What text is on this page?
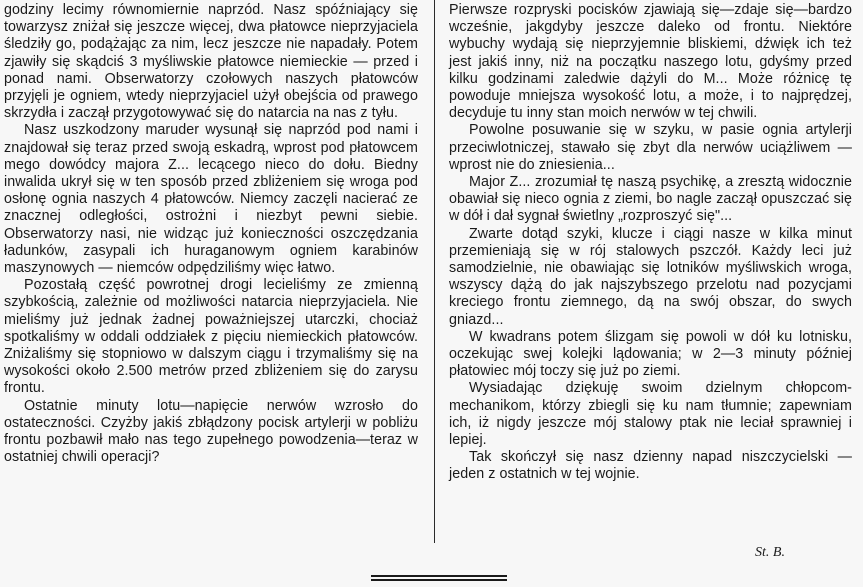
godziny lecimy równomiernie naprzód. Nasz spóźniający się towarzysz zniżał się jeszcze więcej, dwa płatowce nieprzyjaciela śledziły go, podążając za nim, lecz jeszcze nie napadały. Potem zjawiły się skądciś 3 myśliwskie płatowce niemieckie — przed i ponad nami. Obserwatorzy czołowych naszych płatowców przyjęli je ogniem, wtedy nieprzyjaciel użył obejścia od prawego skrzydła i zaczął przygotowywać się do natarcia na nas z tyłu.

Nasz uszkodzony maruder wysunął się naprzód pod nami i znajdował się teraz przed swoją eskadrą, wprost pod płatowcem mego dowódcy majora Z... lecącego nieco do dołu. Biedny inwalida ukrył się w ten sposób przed zbliżeniem się wroga pod osłonę ognia naszych 4 płatowców. Niemcy zaczęli nacierać ze znacznej odległości, ostrożni i niezbyt pewni siebie. Obserwatorzy nasi, nie widząc już konieczności oszczędzania ładunków, zasypali ich huraganowym ogniem karabinów maszynowych — niemców odpędziliśmy więc łatwo.

Pozostałą część powrotnej drogi lecieliśmy ze zmienną szybkością, zależnie od możliwości natarcia nieprzyjaciela. Nie mieliśmy już jednak żadnej poważniejszej utarczki, chociaż spotkaliśmy w oddali oddziałek z pięciu niemieckich płatowców. Zniżaliśmy się stopniowo w dalszym ciągu i trzymaliśmy się na wysokości około 2.500 metrów przed zbliżeniem się do zarysu frontu.

Ostatnie minuty lotu—napięcie nerwów wzrosło do ostateczności. Czyżby jakiś zbłądzony pocisk artylerji w pobliżu frontu pozbawił mało nas tego zupełnego powodzenia—teraz w ostatniej chwili operacji?

Pierwsze rozpryski pocisków zjawiają się—zdaje się—bardzo wcześnie, jakgdyby jeszcze daleko od frontu. Niektóre wybuchy wydają się nieprzyjemnie bliskiemi, dźwięk ich też jest jakiś inny, niż na początku naszego lotu, gdyśmy przed kilku godzinami zaledwie dążyli do M... Może różnicę tę powoduje mniejsza wysokość lotu, a może, i to najprędzej, decyduje tu inny stan moich nerwów w tej chwili.

Powolne posuwanie się w szyku, w pasie ognia artylerji przeciwlotniczej, stawało się zbyt dla nerwów uciążliwem — wprost nie do zniesienia...

Major Z... zrozumiał tę naszą psychikę, a zresztą widocznie obawiał się nieco ognia z ziemi, bo nagle zaczął opuszczać się w dół i dał sygnał świetlny „rozproszyć się"...

Zwarte dotąd szyki, klucze i ciągi nasze w kilka minut przemieniają się w rój stalowych pszczół. Każdy leci już samodzielnie, nie obawiając się lotników myśliwskich wroga, wszyscy dążą do jak najszybszego przelotu nad pozycjami kreciego frontu ziemnego, dą na swój obszar, do swych gniazd...

W kwadrans potem ślizgam się powoli w dół ku lotnisku, oczekując swej kolejki lądowania; w 2—3 minuty później płatowiec mój toczy się już po ziemi.

Wysiadając dziękuję swoim dzielnym chłopcom-mechanikom, którzy zbiegli się ku nam tłumnie; zapewniam ich, iż nigdy jeszcze mój stalowy ptak nie leciał sprawniej i lepiej.

Tak skończył się nasz dzienny napad niszczycielski — jeden z ostatnich w tej wojnie.

St. B.
